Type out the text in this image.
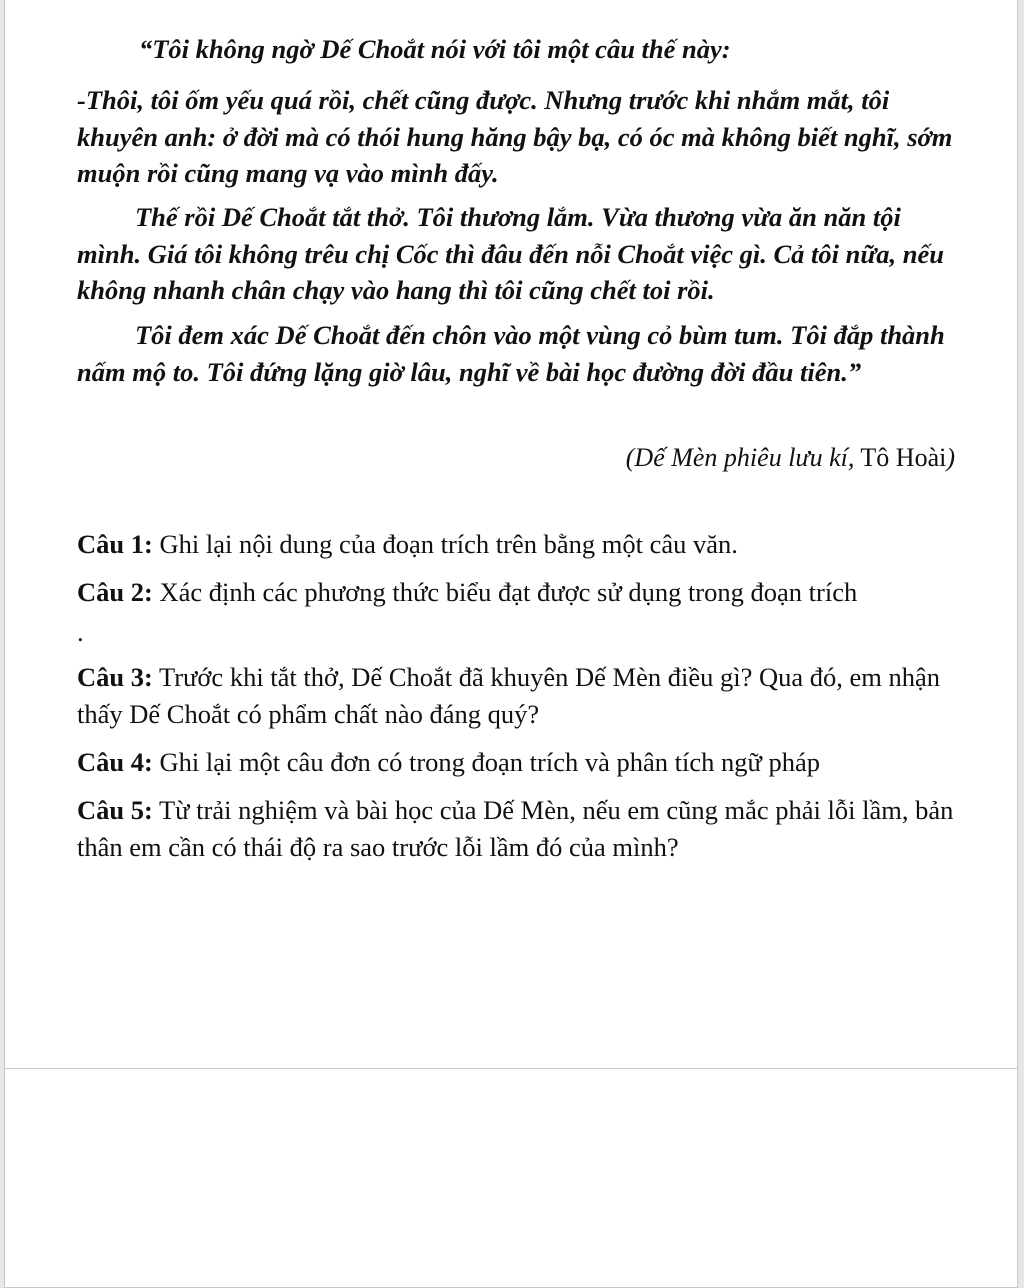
“Tôi không ngờ Dế Choắt nói với tôi một câu thế này:

-Thôi, tôi ốm yếu quá rồi, chết cũng được. Nhưng trước khi nhắm mắt, tôi khuyên anh: ở đời mà có thói hung hăng bậy bạ, có óc mà không biết nghĩ, sớm muộn rồi cũng mang vạ vào mình đấy.

Thế rồi Dế Choắt tắt thở. Tôi thương lắm. Vừa thương vừa ăn năn tội mình. Giá tôi không trêu chị Cốc thì đâu đến nỗi Choắt việc gì. Cả tôi nữa, nếu không nhanh chân chạy vào hang thì tôi cũng chết toi rồi.

Tôi đem xác Dế Choắt đến chôn vào một vùng cỏ bùm tum. Tôi đắp thành nấm mộ to. Tôi đứng lặng giờ lâu, nghĩ về bài học đường đời đầu tiên.”

(Dế Mèn phiêu lưu kí, Tô Hoài)

Câu 1: Ghi lại nội dung của đoạn trích trên bằng một câu văn.

Câu 2: Xác định các phương thức biểu đạt được sử dụng trong đoạn trích

.

Câu 3: Trước khi tắt thở, Dế Choắt đã khuyên Dế Mèn điều gì? Qua đó, em nhận thấy Dế Choắt có phẩm chất nào đáng quý?

Câu 4: Ghi lại một câu đơn có trong đoạn trích và phân tích ngữ pháp

Câu 5: Từ trải nghiệm và bài học của Dế Mèn, nếu em cũng mắc phải lỗi lầm, bản thân em cần có thái độ ra sao trước lỗi lầm đó của mình?
